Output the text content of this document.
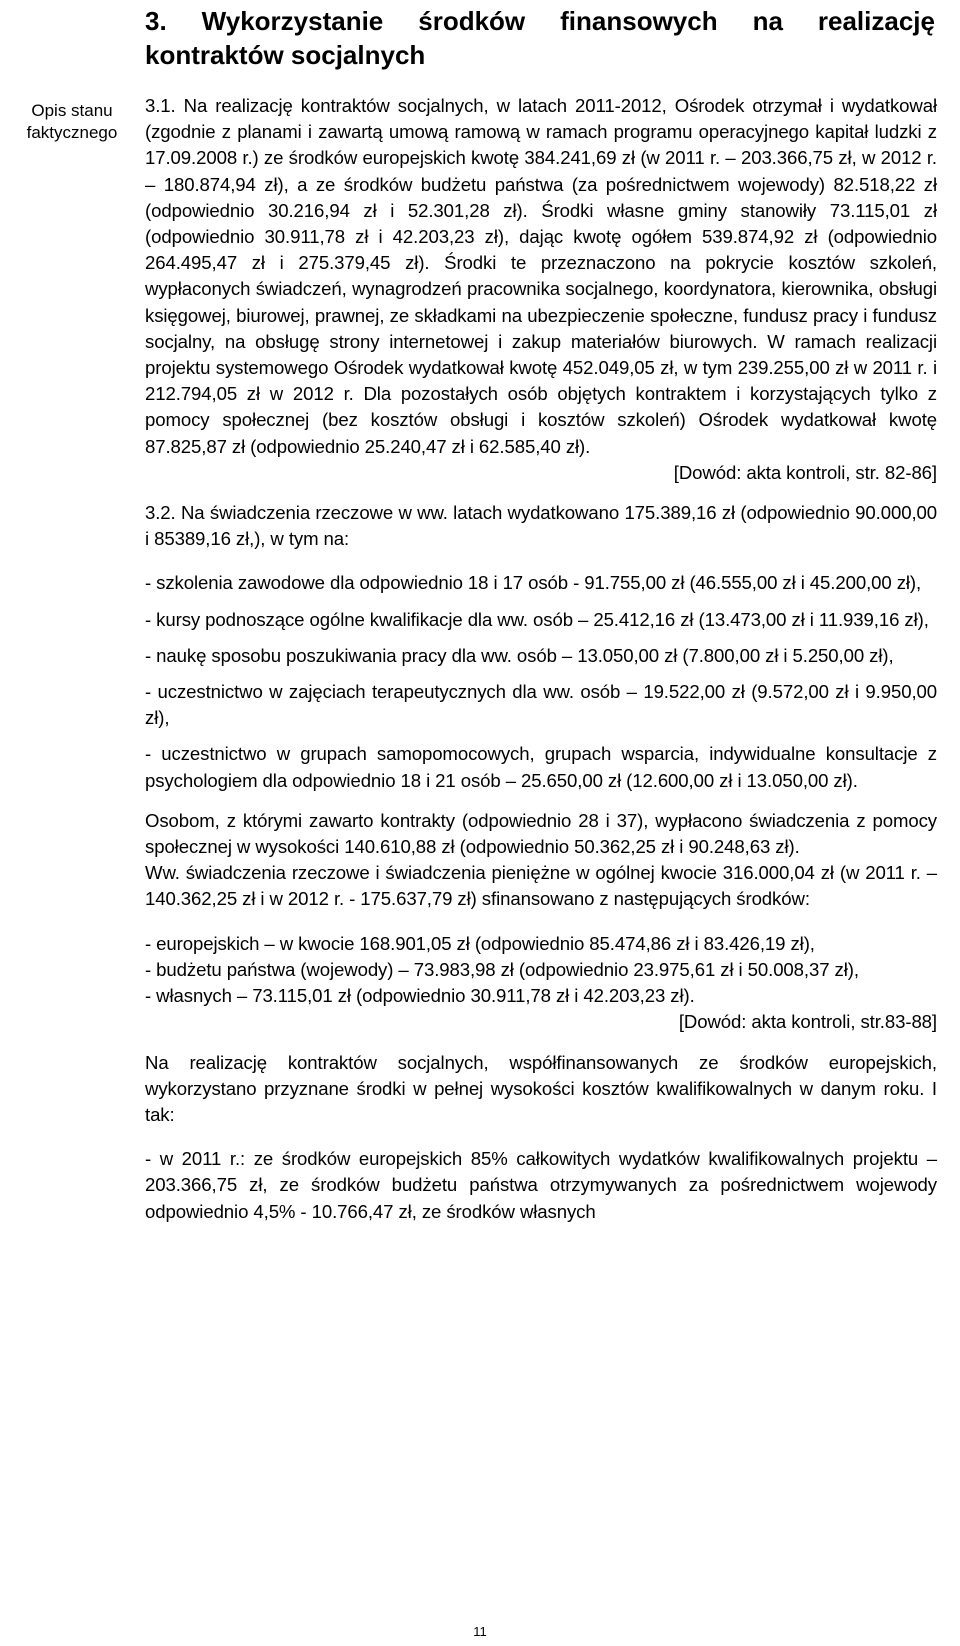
3. Wykorzystanie środków finansowych na realizację kontraktów socjalnych
Opis stanu faktycznego

3.1. Na realizację kontraktów socjalnych, w latach 2011-2012, Ośrodek otrzymał i wydatkował (zgodnie z planami i zawartą umową ramową w ramach programu operacyjnego kapitał ludzki z 17.09.2008 r.) ze środków europejskich kwotę 384.241,69 zł (w 2011 r. – 203.366,75 zł, w 2012 r. – 180.874,94 zł), a ze środków budżetu państwa (za pośrednictwem wojewody) 82.518,22 zł (odpowiednio 30.216,94 zł i 52.301,28 zł). Środki własne gminy stanowiły 73.115,01 zł (odpowiednio 30.911,78 zł i 42.203,23 zł), dając kwotę ogółem 539.874,92 zł (odpowiednio 264.495,47 zł i 275.379,45 zł). Środki te przeznaczono na pokrycie kosztów szkoleń, wypłaconych świadczeń, wynagrodzeń pracownika socjalnego, koordynatora, kierownika, obsługi księgowej, biurowej, prawnej, ze składkami na ubezpieczenie społeczne, fundusz pracy i fundusz socjalny, na obsługę strony internetowej i zakup materiałów biurowych. W ramach realizacji projektu systemowego Ośrodek wydatkował kwotę 452.049,05 zł, w tym 239.255,00 zł w 2011 r. i 212.794,05 zł w 2012 r. Dla pozostałych osób objętych kontraktem i korzystających tylko z pomocy społecznej (bez kosztów obsługi i kosztów szkoleń) Ośrodek wydatkował kwotę 87.825,87 zł (odpowiednio 25.240,47 zł i 62.585,40 zł).

[Dowód: akta kontroli, str. 82-86]

3.2. Na świadczenia rzeczowe w ww. latach wydatkowano 175.389,16 zł (odpowiednio 90.000,00 i 85389,16 zł,), w tym na:

- szkolenia zawodowe dla odpowiednio 18 i 17 osób - 91.755,00 zł (46.555,00 zł i 45.200,00 zł),

- kursy podnoszące ogólne kwalifikacje dla ww. osób – 25.412,16 zł (13.473,00 zł i 11.939,16 zł),

- naukę sposobu poszukiwania pracy dla ww. osób – 13.050,00 zł (7.800,00 zł i 5.250,00 zł),

- uczestnictwo w zajęciach terapeutycznych dla ww. osób – 19.522,00 zł (9.572,00 zł i 9.950,00 zł),

- uczestnictwo w grupach samopomocowych, grupach wsparcia, indywidualne konsultacje z psychologiem dla odpowiednio 18 i 21 osób – 25.650,00 zł (12.600,00 zł i 13.050,00 zł).

Osobom, z którymi zawarto kontrakty (odpowiednio 28 i 37), wypłacono świadczenia z pomocy społecznej w wysokości 140.610,88 zł (odpowiednio 50.362,25 zł i 90.248,63 zł).

Ww. świadczenia rzeczowe i świadczenia pieniężne w ogólnej kwocie 316.000,04 zł (w 2011 r. – 140.362,25 zł i w 2012 r. - 175.637,79 zł) sfinansowano z następujących środków:

- europejskich – w kwocie 168.901,05 zł (odpowiednio 85.474,86 zł i 83.426,19 zł),

- budżetu państwa (wojewody) – 73.983,98 zł (odpowiednio 23.975,61 zł i 50.008,37 zł),

- własnych – 73.115,01 zł (odpowiednio 30.911,78 zł i 42.203,23 zł).

[Dowód: akta kontroli, str.83-88]

Na realizację kontraktów socjalnych, współfinansowanych ze środków europejskich, wykorzystano przyznane środki w pełnej wysokości kosztów kwalifikowalnych w danym roku. I tak:

- w 2011 r.: ze środków europejskich 85% całkowitych wydatków kwalifikowalnych projektu – 203.366,75 zł, ze środków budżetu państwa otrzymywanych za pośrednictwem wojewody odpowiednio 4,5% - 10.766,47 zł, ze środków własnych

11
